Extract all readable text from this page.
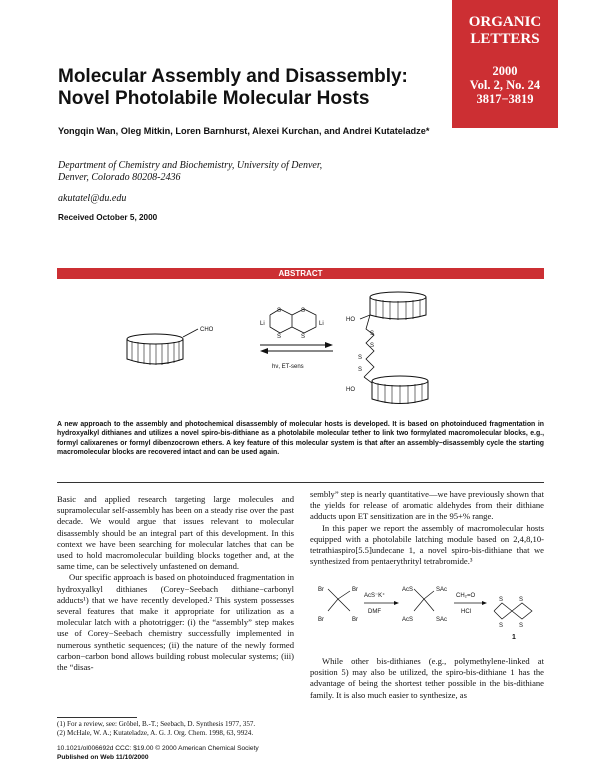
ORGANIC
LETTERS
2000
Vol. 2, No. 24
3817−3819
Molecular Assembly and Disassembly:
Novel Photolabile Molecular Hosts
Yongqin Wan, Oleg Mitkin, Loren Barnhurst, Alexei Kurchan, and Andrei Kutateladze*
Department of Chemistry and Biochemistry, University of Denver,
Denver, Colorado 80208-2436
akutatel@du.edu
Received October 5, 2000
ABSTRACT
CHO
S
S
S
S
Li	Li
hν, ET-sens
HO
S
S
S
S
HO
A new approach to the assembly and photochemical disassembly of molecular hosts is developed. It is based on photoinduced fragmentation in hydroxyalkyl dithianes and utilizes a novel spiro-bis-dithiane as a photolabile molecular tether to link two formylated macromolecular blocks, e.g., formyl calixarenes or formyl dibenzocrown ethers. A key feature of this molecular system is that after an assembly−disassembly cycle the starting macromolecular blocks are recovered intact and can be used again.

Basic and applied research targeting large molecules and supramolecular self-assembly has been on a steady rise over the past decade. We would argue that issues relevant to molecular disassembly should be an integral part of this development. In this context we have been searching for molecular latches that can be used to hold macromolecular building blocks together and, at the same time, can be selectively unfastened on demand.

Our specific approach is based on photoinduced fragmentation in hydroxyalkyl dithianes (Corey−Seebach dithiane−carbonyl adducts¹) that we have recently developed.² This system possesses several features that make it appropriate for utilization as a molecular latch with a phototrigger: (i) the “assembly” step makes use of Corey−Seebach chemistry successfully implemented in numerous synthetic sequences; (ii) the nature of the newly formed carbon−carbon bond allows building robust molecular systems; (iii) the “disas-

sembly” step is nearly quantitative—we have previously shown that the yields for release of aromatic aldehydes from their dithiane adducts upon ET sensitization are in the 95+% range.

In this paper we report the assembly of macromolecular hosts equipped with a photolabile latching module based on 2,4,8,10-tetrathiaspiro[5.5]undecane 1, a novel spiro-bis-dithiane that we synthesized from pentaerythrityl tetrabromide.³

Br
Br
Br
Br
AcS⁻K⁺
DMF
AcS
AcS
SAc
SAc
CH₂=O
HCl
S
S
S
S
1

While other bis-dithianes (e.g., polymethylene-linked at position 5) may also be utilized, the spiro-bis-dithiane 1 has the advantage of being the shortest tether possible in the bis-dithiane family. It is also much easier to synthesize, as

(1) For a review, see: Gröbel, B.-T.; Seebach, D. Synthesis 1977, 357.
(2) McHale, W. A.; Kutateladze, A. G. J. Org. Chem. 1998, 63, 9924.
10.1021/ol006692d CCC: $19.00 © 2000 American Chemical Society
Published on Web 11/10/2000
